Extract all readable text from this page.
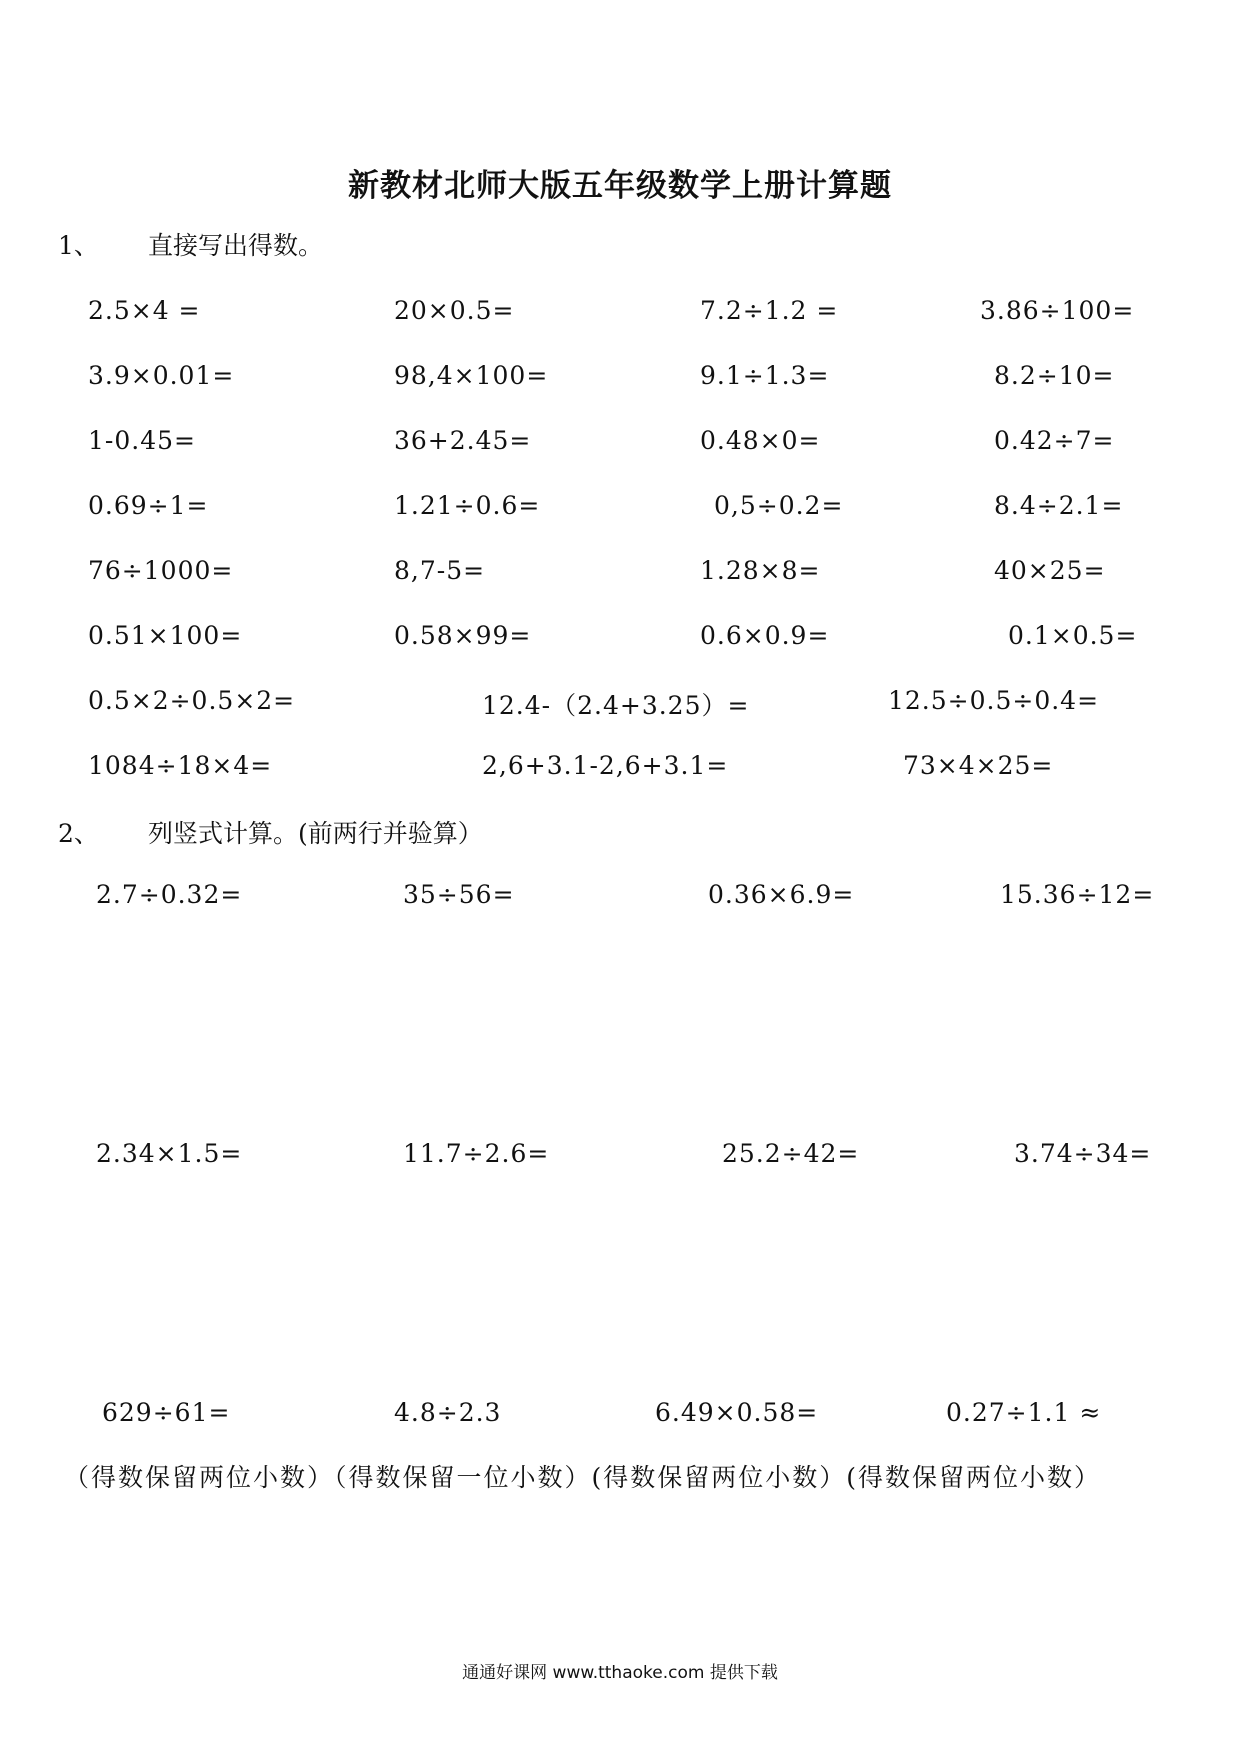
新教材北师大版五年级数学上册计算题
1、 直接写出得数。
2.5×4 =	20×0.5=	7.2÷1.2 =	3.86÷100=
3.9×0.01=	98,4×100=	9.1÷1.3=	8.2÷10=
1-0.45=	36+2.45=	0.48×0=	0.42÷7=
0.69÷1=	1.21÷0.6=	0,5÷0.2=	8.4÷2.1=
76÷1000=	8,7-5=	1.28×8=	40×25=
0.51×100=	0.58×99=	0.6×0.9=	0.1×0.5=
0.5×2÷0.5×2=	12.4-（2.4+3.25）=	12.5÷0.5÷0.4=
1084÷18×4=	2,6+3.1-2,6+3.1=	73×4×25=
2、 列竖式计算。(前两行并验算）
2.7÷0.32=	35÷56=	0.36×6.9=	15.36÷12=
2.34×1.5=	11.7÷2.6=	25.2÷42=	3.74÷34=
629÷61=	4.8÷2.3	6.49×0.58=	0.27÷1.1 ≈
（得数保留两位小数）（得数保留一位小数）(得数保留两位小数）(得数保留两位小数）
通通好课网 www.tthaoke.com 提供下载
